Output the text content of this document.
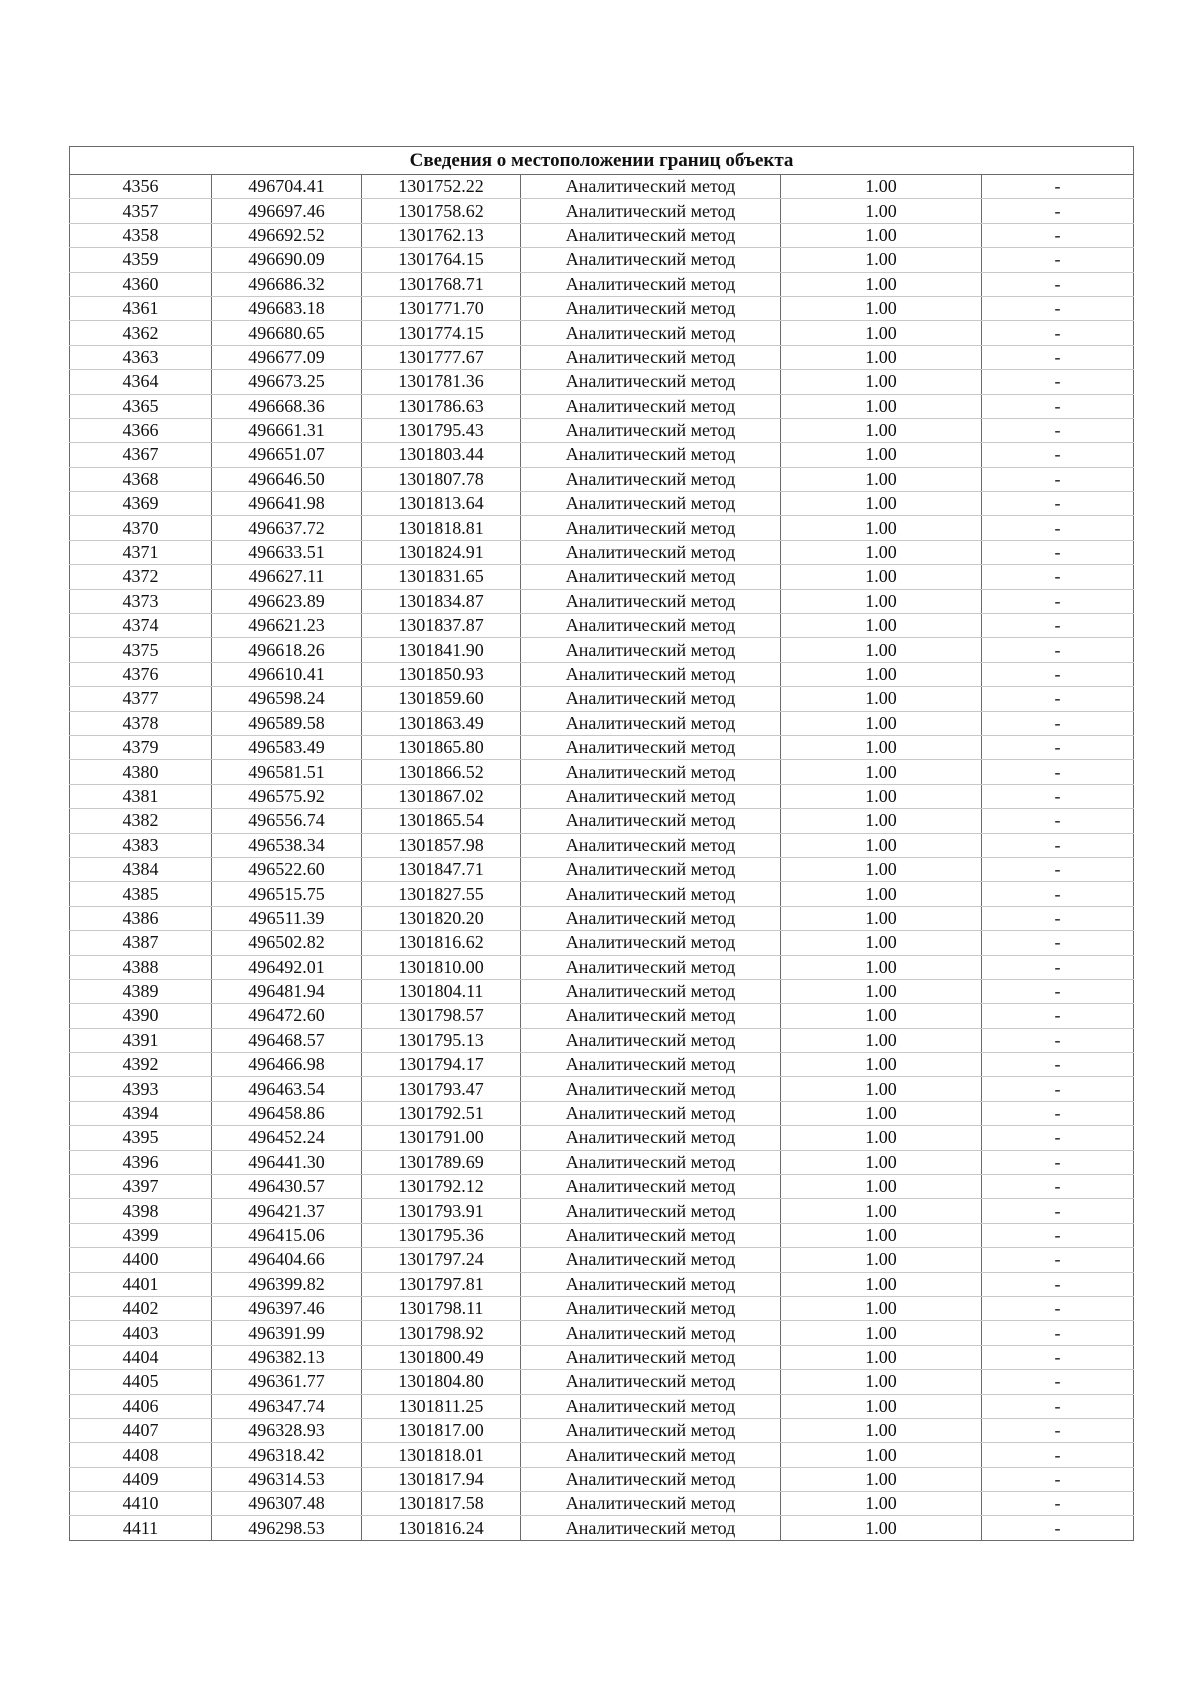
Сведения о местоположении границ объекта					
4356	496704.41	1301752.22	Аналитический метод	1.00	-
4357	496697.46	1301758.62	Аналитический метод	1.00	-
4358	496692.52	1301762.13	Аналитический метод	1.00	-
4359	496690.09	1301764.15	Аналитический метод	1.00	-
4360	496686.32	1301768.71	Аналитический метод	1.00	-
4361	496683.18	1301771.70	Аналитический метод	1.00	-
4362	496680.65	1301774.15	Аналитический метод	1.00	-
4363	496677.09	1301777.67	Аналитический метод	1.00	-
4364	496673.25	1301781.36	Аналитический метод	1.00	-
4365	496668.36	1301786.63	Аналитический метод	1.00	-
4366	496661.31	1301795.43	Аналитический метод	1.00	-
4367	496651.07	1301803.44	Аналитический метод	1.00	-
4368	496646.50	1301807.78	Аналитический метод	1.00	-
4369	496641.98	1301813.64	Аналитический метод	1.00	-
4370	496637.72	1301818.81	Аналитический метод	1.00	-
4371	496633.51	1301824.91	Аналитический метод	1.00	-
4372	496627.11	1301831.65	Аналитический метод	1.00	-
4373	496623.89	1301834.87	Аналитический метод	1.00	-
4374	496621.23	1301837.87	Аналитический метод	1.00	-
4375	496618.26	1301841.90	Аналитический метод	1.00	-
4376	496610.41	1301850.93	Аналитический метод	1.00	-
4377	496598.24	1301859.60	Аналитический метод	1.00	-
4378	496589.58	1301863.49	Аналитический метод	1.00	-
4379	496583.49	1301865.80	Аналитический метод	1.00	-
4380	496581.51	1301866.52	Аналитический метод	1.00	-
4381	496575.92	1301867.02	Аналитический метод	1.00	-
4382	496556.74	1301865.54	Аналитический метод	1.00	-
4383	496538.34	1301857.98	Аналитический метод	1.00	-
4384	496522.60	1301847.71	Аналитический метод	1.00	-
4385	496515.75	1301827.55	Аналитический метод	1.00	-
4386	496511.39	1301820.20	Аналитический метод	1.00	-
4387	496502.82	1301816.62	Аналитический метод	1.00	-
4388	496492.01	1301810.00	Аналитический метод	1.00	-
4389	496481.94	1301804.11	Аналитический метод	1.00	-
4390	496472.60	1301798.57	Аналитический метод	1.00	-
4391	496468.57	1301795.13	Аналитический метод	1.00	-
4392	496466.98	1301794.17	Аналитический метод	1.00	-
4393	496463.54	1301793.47	Аналитический метод	1.00	-
4394	496458.86	1301792.51	Аналитический метод	1.00	-
4395	496452.24	1301791.00	Аналитический метод	1.00	-
4396	496441.30	1301789.69	Аналитический метод	1.00	-
4397	496430.57	1301792.12	Аналитический метод	1.00	-
4398	496421.37	1301793.91	Аналитический метод	1.00	-
4399	496415.06	1301795.36	Аналитический метод	1.00	-
4400	496404.66	1301797.24	Аналитический метод	1.00	-
4401	496399.82	1301797.81	Аналитический метод	1.00	-
4402	496397.46	1301798.11	Аналитический метод	1.00	-
4403	496391.99	1301798.92	Аналитический метод	1.00	-
4404	496382.13	1301800.49	Аналитический метод	1.00	-
4405	496361.77	1301804.80	Аналитический метод	1.00	-
4406	496347.74	1301811.25	Аналитический метод	1.00	-
4407	496328.93	1301817.00	Аналитический метод	1.00	-
4408	496318.42	1301818.01	Аналитический метод	1.00	-
4409	496314.53	1301817.94	Аналитический метод	1.00	-
4410	496307.48	1301817.58	Аналитический метод	1.00	-
4411	496298.53	1301816.24	Аналитический метод	1.00	-
